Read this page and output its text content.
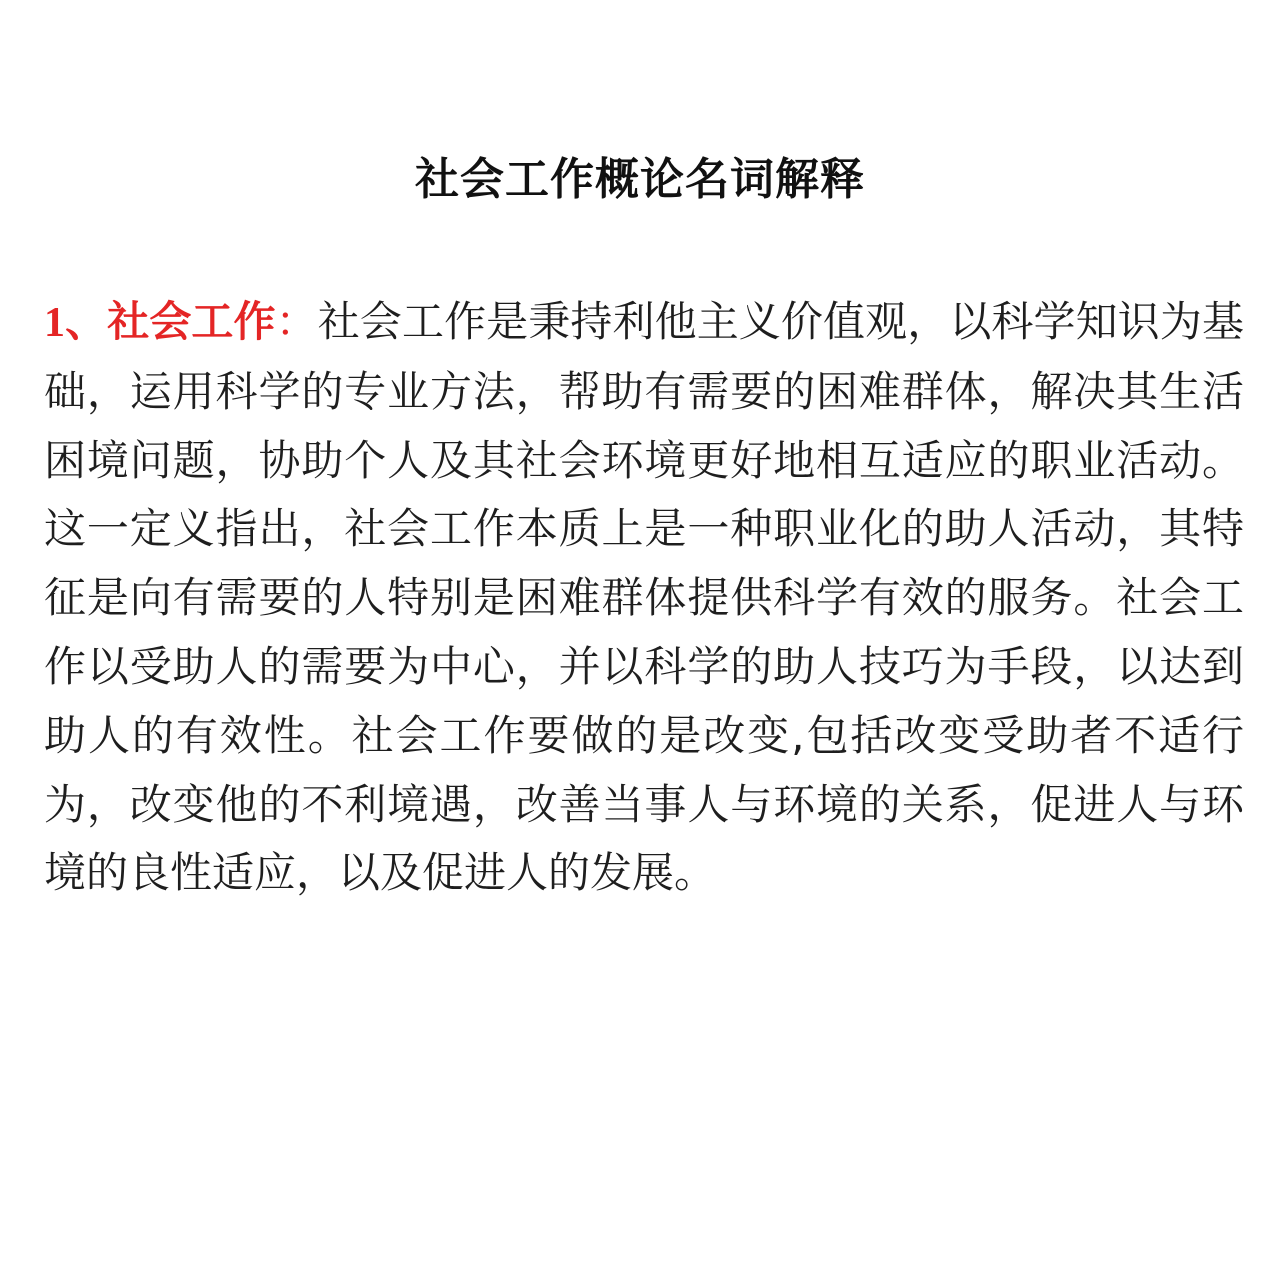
社会工作概论名词解释

1、社会工作：社会工作是秉持利他主义价值观，以科学知识为基础，运用科学的专业方法，帮助有需要的困难群体，解决其生活困境问题，协助个人及其社会环境更好地相互适应的职业活动。这一定义指出，社会工作本质上是一种职业化的助人活动，其特征是向有需要的人特别是困难群体提供科学有效的服务。社会工作以受助人的需要为中心，并以科学的助人技巧为手段，以达到助人的有效性。社会工作要做的是改变,包括改变受助者不适行为，改变他的不利境遇，改善当事人与环境的关系，促进人与环境的良性适应，以及促进人的发展。
